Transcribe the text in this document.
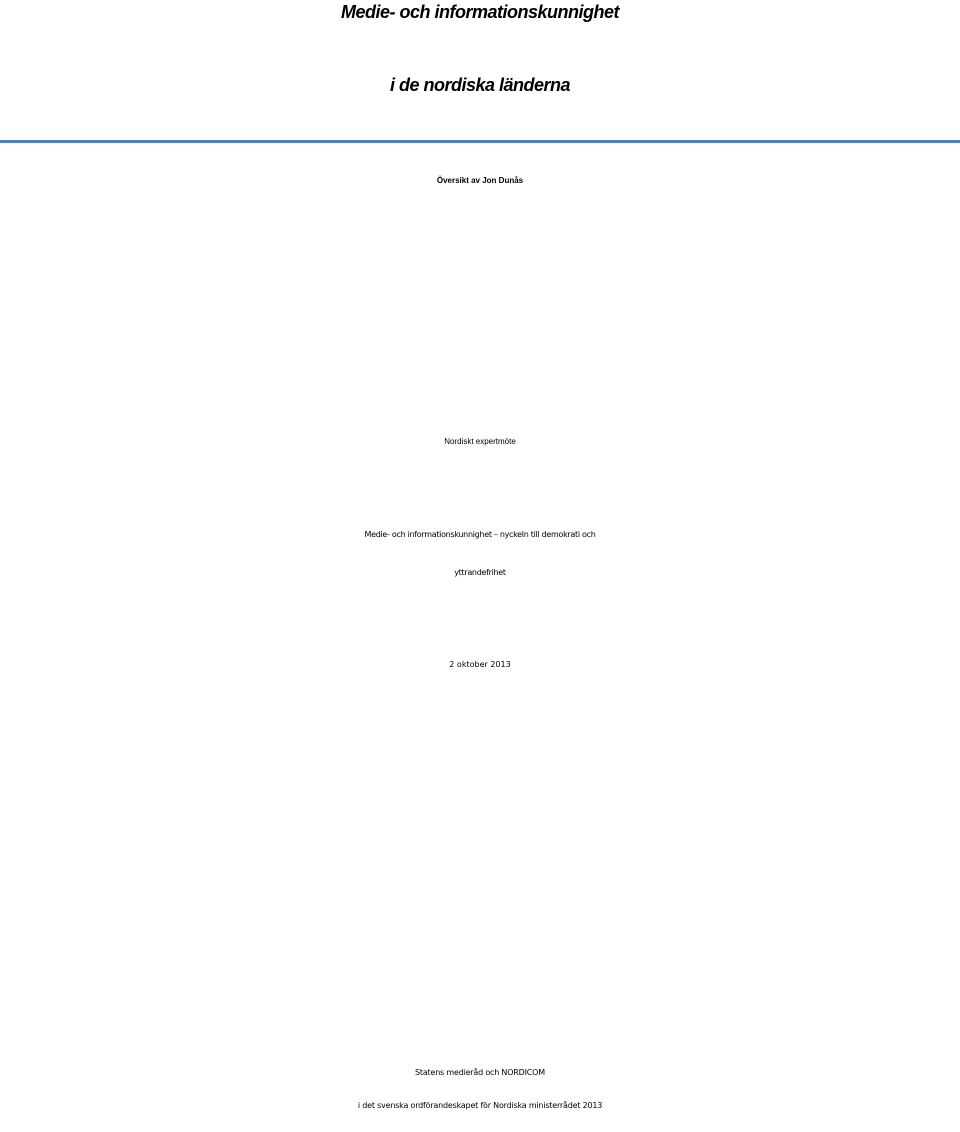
Medie- och informationskunnighet
i de nordiska länderna
Översikt av Jon Dunås
Nordiskt expertmöte
Medie- och informationskunnighet – nyckeln till demokrati och
yttrandefrihet
2 oktober 2013
Statens medieråd och NORDICOM
i det svenska ordförandeskapet för Nordiska ministerrådet 2013
